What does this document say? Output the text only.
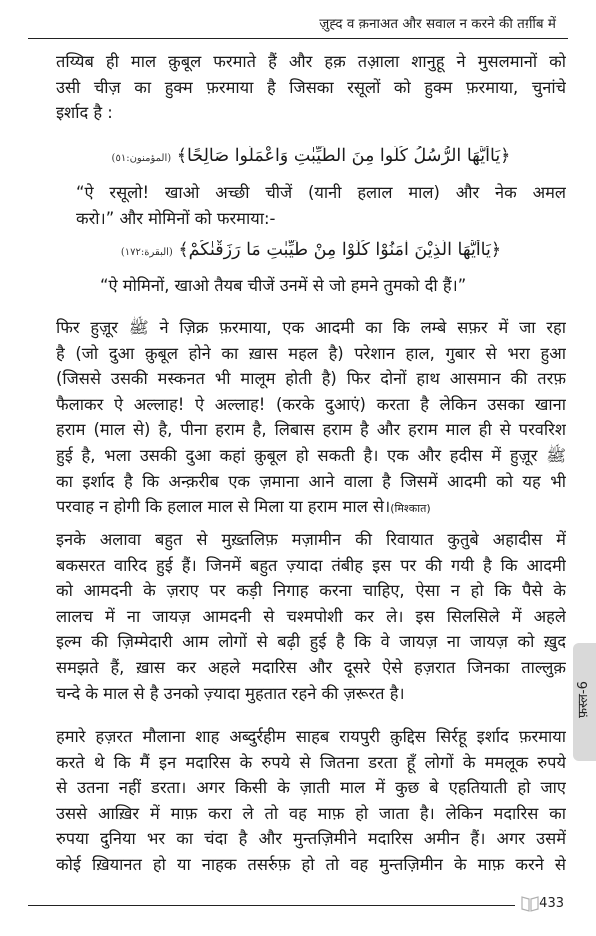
ज़ुह्द व क़नाअत और सवाल न करने की तर्ग़ीब में

तय्यिब ही माल क़ुबूल फरमाते हैं और हक़ तआ़ला शानुहू ने मुसलमानों को
उसी चीज़ का हुक्म फ़रमाया है जिसका रसूलों को हुक्म फ़रमाया, चुनांचे
इर्शाद है :

﴿يَاأَيُّهَا الرُّسُلُ كُلُوا مِنَ الطَّيِّبٰتِ وَاعْمَلُوا صَالِحًا﴾ (المؤمنون:٥١)

“ऐ रसूलो! खाओ अच्छी चीजें (यानी हलाल माल) और नेक अमल
करो।” और मोमिनों को फरमाया:-

﴿يَاأَيُّهَا الَّذِيْنَ اٰمَنُوْا كُلُوْا مِنْ طَيِّبٰتِ مَا رَزَقْنٰكُمْ﴾ (البقرة:١٧٢)

“ऐ मोमिनों, खाओ तैयब चीजें उनमें से जो हमने तुमको दी हैं।”

फिर हुज़ूर ﷺ ने ज़िक्र फ़रमाया, एक आदमी का कि लम्बे सफ़र में जा रहा
है (जो दुआ क़ुबूल होने का ख़ास महल है) परेशान हाल, गुबार से भरा हुआ
(जिससे उसकी मस्कनत भी मालूम होती है) फिर दोनों हाथ आसमान की तरफ़
फैलाकर ऐ अल्लाह! ऐ अल्लाह! (करके दुआएं) करता है लेकिन उसका खाना
हराम (माल से) है, पीना हराम है, लिबास हराम है और हराम माल ही से परवरिश
हुई है, भला उसकी दुआ कहां क़ुबूल हो सकती है। एक और हदीस में हुज़ूर ﷺ
का इर्शाद है कि अन्क़रीब एक ज़माना आने वाला है जिसमें आदमी को यह भी
परवाह न होगी कि हलाल माल से मिला या हराम माल से।(मिश्कात)

इनके अलावा बहुत से मुख़्तलिफ़ मज़ामीन की रिवायात कुतुबे अहादीस में
बकसरत वारिद हुई हैं। जिनमें बहुत ज़्यादा तंबीह इस पर की गयी है कि आदमी
को आमदनी के ज़राए पर कड़ी निगाह करना चाहिए, ऐसा न हो कि पैसे के
लालच में ना जायज़ आमदनी से चश्मपोशी कर ले। इस सिलसिले में अहले
इल्म की ज़िम्मेदारी आम लोगों से बढ़ी हुई है कि वे जायज़ ना जायज़ को ख़ुद
समझते हैं, ख़ास कर अहले मदारिस और दूसरे ऐसे हज़रात जिनका ताल्लुक़
चन्दे के माल से है उनको ज़्यादा मुहतात रहने की ज़रूरत है।

हमारे हज़रत मौलाना शाह अब्दुर्रहीम साहब रायपुरी क़ुद्दिस सिर्रहू इर्शाद फ़रमाया
करते थे कि मैं इन मदारिस के रुपये से जितना डरता हूँ लोगों के ममलूक रुपये
से उतना नहीं डरता। अगर किसी के ज़ाती माल में कुछ बे एहतियाती हो जाए
उससे आख़िर में माफ़ करा ले तो वह माफ़ हो जाता है। लेकिन मदारिस का
रुपया दुनिया भर का चंदा है और मुन्तज़िमीने मदारिस अमीन हैं। अगर उसमें
कोई ख़ियानत हो या नाहक तसर्रुफ़ हो तो वह मुन्तज़िमीन के माफ़ करने से

फ़स्ल-6
433
